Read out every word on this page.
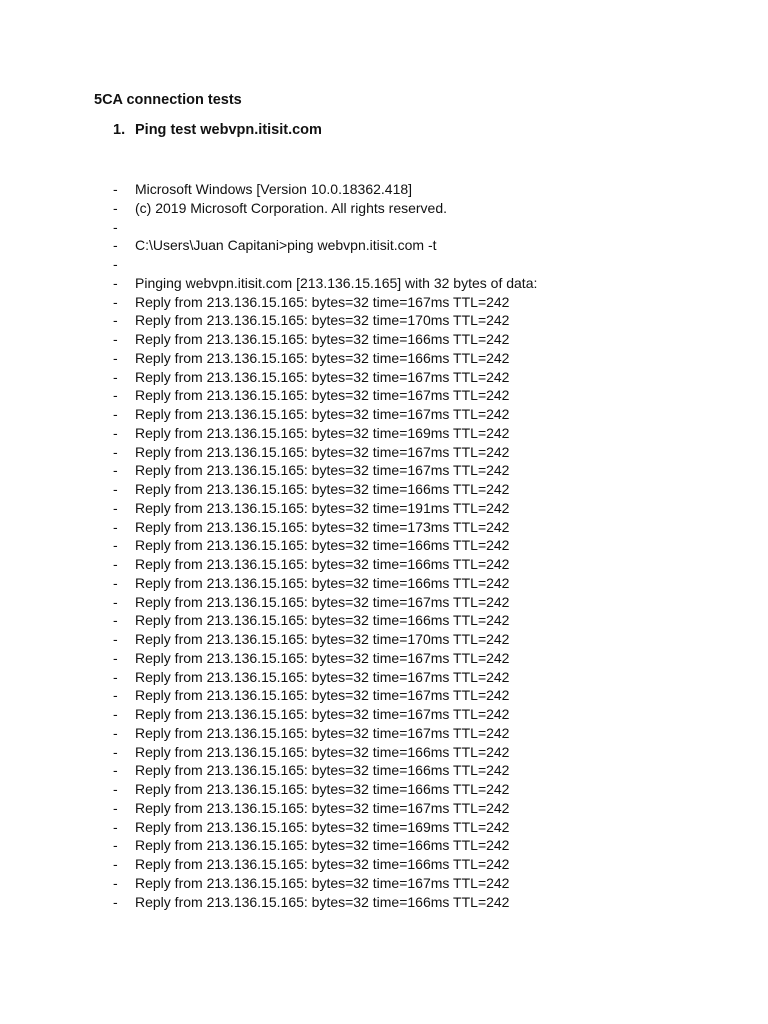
5CA connection tests
1. Ping test webvpn.itisit.com
-	Microsoft Windows [Version 10.0.18362.418]
-	(c) 2019 Microsoft Corporation. All rights reserved.
-
-	C:\Users\Juan Capitani>ping webvpn.itisit.com -t
-
-	Pinging webvpn.itisit.com [213.136.15.165] with 32 bytes of data:
-	Reply from 213.136.15.165: bytes=32 time=167ms TTL=242
-	Reply from 213.136.15.165: bytes=32 time=170ms TTL=242
-	Reply from 213.136.15.165: bytes=32 time=166ms TTL=242
-	Reply from 213.136.15.165: bytes=32 time=166ms TTL=242
-	Reply from 213.136.15.165: bytes=32 time=167ms TTL=242
-	Reply from 213.136.15.165: bytes=32 time=167ms TTL=242
-	Reply from 213.136.15.165: bytes=32 time=167ms TTL=242
-	Reply from 213.136.15.165: bytes=32 time=169ms TTL=242
-	Reply from 213.136.15.165: bytes=32 time=167ms TTL=242
-	Reply from 213.136.15.165: bytes=32 time=167ms TTL=242
-	Reply from 213.136.15.165: bytes=32 time=166ms TTL=242
-	Reply from 213.136.15.165: bytes=32 time=191ms TTL=242
-	Reply from 213.136.15.165: bytes=32 time=173ms TTL=242
-	Reply from 213.136.15.165: bytes=32 time=166ms TTL=242
-	Reply from 213.136.15.165: bytes=32 time=166ms TTL=242
-	Reply from 213.136.15.165: bytes=32 time=166ms TTL=242
-	Reply from 213.136.15.165: bytes=32 time=167ms TTL=242
-	Reply from 213.136.15.165: bytes=32 time=166ms TTL=242
-	Reply from 213.136.15.165: bytes=32 time=170ms TTL=242
-	Reply from 213.136.15.165: bytes=32 time=167ms TTL=242
-	Reply from 213.136.15.165: bytes=32 time=167ms TTL=242
-	Reply from 213.136.15.165: bytes=32 time=167ms TTL=242
-	Reply from 213.136.15.165: bytes=32 time=167ms TTL=242
-	Reply from 213.136.15.165: bytes=32 time=167ms TTL=242
-	Reply from 213.136.15.165: bytes=32 time=166ms TTL=242
-	Reply from 213.136.15.165: bytes=32 time=166ms TTL=242
-	Reply from 213.136.15.165: bytes=32 time=166ms TTL=242
-	Reply from 213.136.15.165: bytes=32 time=167ms TTL=242
-	Reply from 213.136.15.165: bytes=32 time=169ms TTL=242
-	Reply from 213.136.15.165: bytes=32 time=166ms TTL=242
-	Reply from 213.136.15.165: bytes=32 time=166ms TTL=242
-	Reply from 213.136.15.165: bytes=32 time=167ms TTL=242
-	Reply from 213.136.15.165: bytes=32 time=166ms TTL=242
